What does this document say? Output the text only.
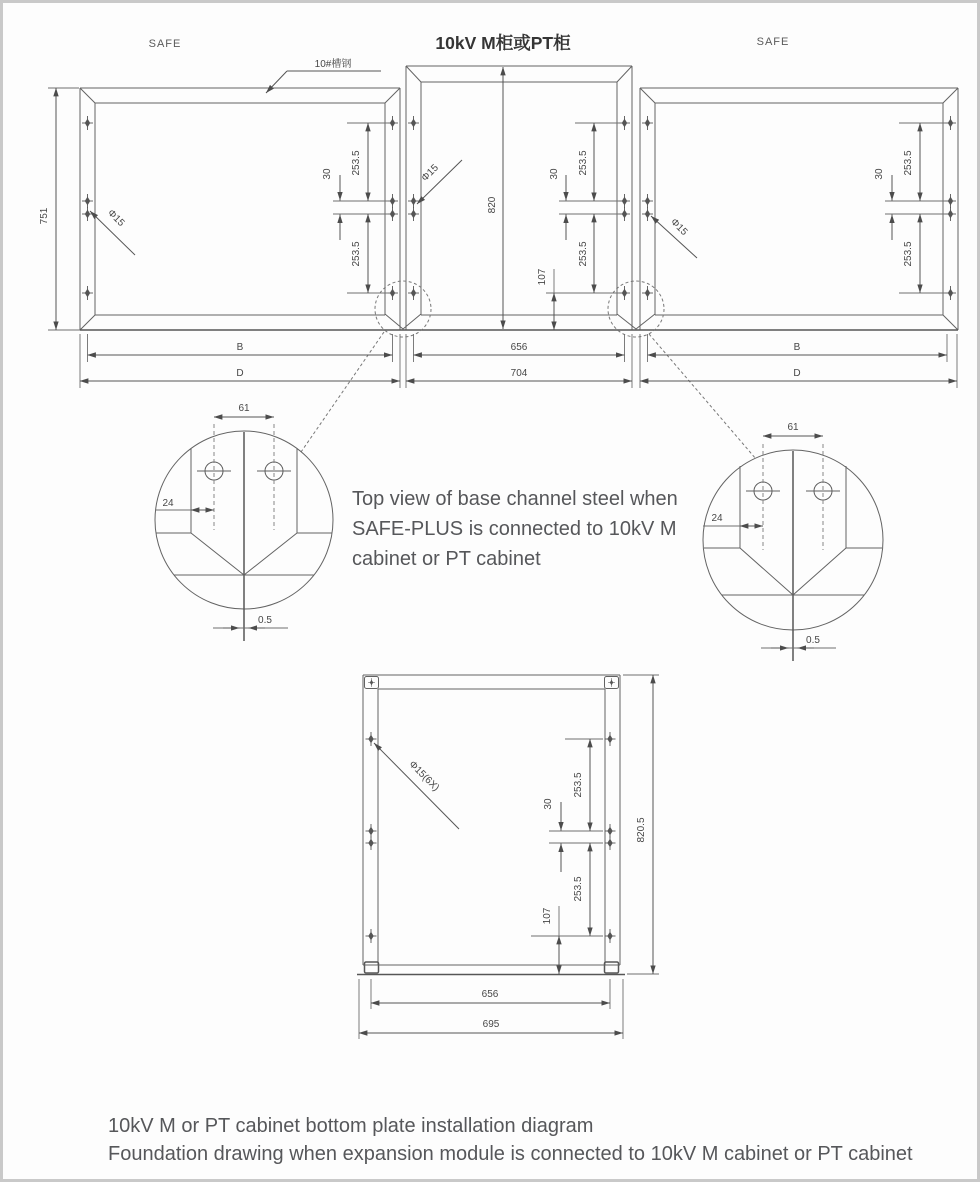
10#槽钢
751
820
B
D
656
704
B
D
253.5
30
253.5
Φ15
253.5
30
253.5
107
Φ15	253.5
30
253.5
Φ15
61
24
0.5
61
24
0.5
Φ15(6X)	253.5
30
253.5
107
820.5
656
695
SAFE	10kV M柜或PT柜	SAFE
Top view of base channel steel when SAFE-PLUS is connected to 10kV M cabinet or PT cabinet
10kV M or PT cabinet bottom plate installation diagram
Foundation drawing when expansion module is connected to 10kV M cabinet or PT cabinet
